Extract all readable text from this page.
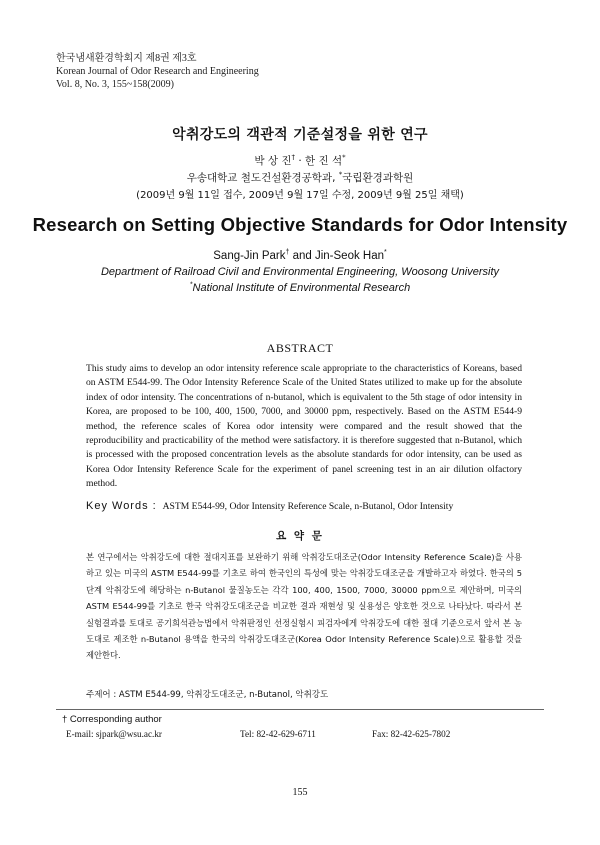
한국냄새환경학회지 제8권 제3호
Korean Journal of Odor Research and Engineering
Vol. 8, No. 3, 155~158(2009)
악취강도의 객관적 기준설정을 위한 연구
박 상 진† · 한 진 석*
우송대학교 철도건설환경공학과, *국립환경과학원
(2009년 9월 11일 접수, 2009년 9월 17일 수정, 2009년 9월 25일 채택)
Research on Setting Objective Standards for Odor Intensity
Sang-Jin Park† and Jin-Seok Han*
Department of Railroad Civil and Environmental Engineering, Woosong University
*National Institute of Environmental Research
ABSTRACT
This study aims to develop an odor intensity reference scale appropriate to the characteristics of Koreans, based on ASTM E544-99. The Odor Intensity Reference Scale of the United States utilized to make up for the absolute index of odor intensity. The concentrations of n-butanol, which is equivalent to the 5th stage of odor intensity in Korea, are proposed to be 100, 400, 1500, 7000, and 30000 ppm, respectively. Based on the ASTM E544-9 method, the reference scales of Korea odor intensity were compared and the result showed that the reproducibility and practicability of the method were satisfactory. it is therefore suggested that n-Butanol, which is processed with the proposed concentration levels as the absolute standards for odor intensity, can be used as Korea Odor Intensity Reference Scale for the experiment of panel screening test in an air dilution olfactory method.
Key Words : ASTM E544-99, Odor Intensity Reference Scale, n-Butanol, Odor Intensity
요 약 문
본 연구에서는 악취강도에 대한 절대지표를 보완하기 위해 악취강도대조군(Odor Intensity Reference Scale)을 사용하고 있는 미국의 ASTM E544-99를 기초로 하여 한국인의 특성에 맞는 악취강도대조군을 개발하고자 하였다. 한국의 5단계 악취강도에 해당하는 n-Butanol 물질농도는 각각 100, 400, 1500, 7000, 30000 ppm으로 제안하며, 미국의 ASTM E544-99를 기초로 한국 악취강도대조군을 비교한 결과 재현성 및 실용성은 양호한 것으로 나타났다. 따라서 본 실험결과를 토대로 공기희석관능법에서 악취판정인 선정실험시 피검자에게 악취강도에 대한 절대 기준으로서 앞서 본 농도대로 제조한 n-Butanol 용액을 한국의 악취강도대조군(Korea Odor Intensity Reference Scale)으로 활용할 것을 제안한다.
주제어 : ASTM E544-99, 악취강도대조군, n-Butanol, 악취강도
† Corresponding author
E-mail: sjpark@wsu.ac.kr	Tel: 82-42-629-6711	Fax: 82-42-625-7802
155
